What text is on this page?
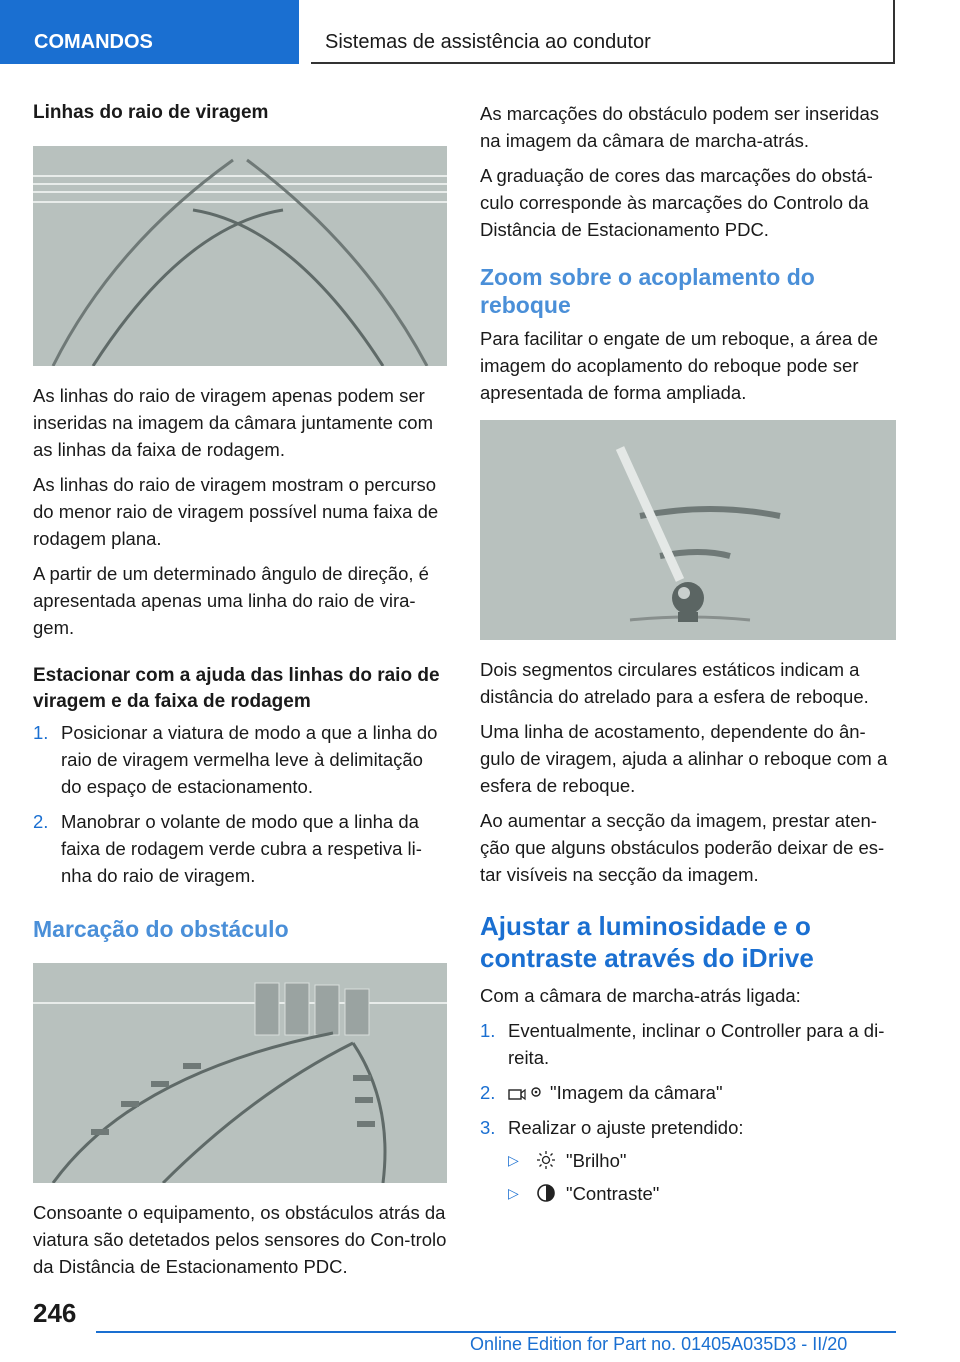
COMANDOS	Sistemas de assistência ao condutor
Linhas do raio de viragem

As linhas do raio de viragem apenas podem ser inseridas na imagem da câmara juntamente com as linhas da faixa de rodagem.

As linhas do raio de viragem mostram o percurso do menor raio de viragem possível numa faixa de rodagem plana.

A partir de um determinado ângulo de direção, é apresentada apenas uma linha do raio de vira‐gem.

Estacionar com a ajuda das linhas do raio de viragem e da faixa de rodagem
1. Posicionar a viatura de modo a que a linha do raio de viragem vermelha leve à delimitação do espaço de estacionamento.
2. Manobrar o volante de modo que a linha da faixa de rodagem verde cubra a respetiva li‐nha do raio de viragem.
Marcação do obstáculo

Consoante o equipamento, os obstáculos atrás da viatura são detetados pelos sensores do Con‐trolo da Distância de Estacionamento PDC.

As marcações do obstáculo podem ser inseridas na imagem da câmara de marcha-atrás.

A graduação de cores das marcações do obstá‐culo corresponde às marcações do Controlo da Distância de Estacionamento PDC.

Zoom sobre o acoplamento do reboque

Para facilitar o engate de um reboque, a área de imagem do acoplamento do reboque pode ser apresentada de forma ampliada.

Dois segmentos circulares estáticos indicam a distância do atrelado para a esfera de reboque.

Uma linha de acostamento, dependente do ân‐gulo de viragem, ajuda a alinhar o reboque com a esfera de reboque.

Ao aumentar a secção da imagem, prestar aten‐ção que alguns obstáculos poderão deixar de es‐tar visíveis na secção da imagem.

Ajustar a luminosidade e o contraste através do iDrive

Com a câmara de marcha-atrás ligada:

1. Eventualmente, inclinar o Controller para a di‐reita.
2.	"Imagem da câmara"
3. Realizar o ajuste pretendido:
▷	"Brilho"
▷	"Contraste"
246
Online Edition for Part no. 01405A035D3 - II/20
